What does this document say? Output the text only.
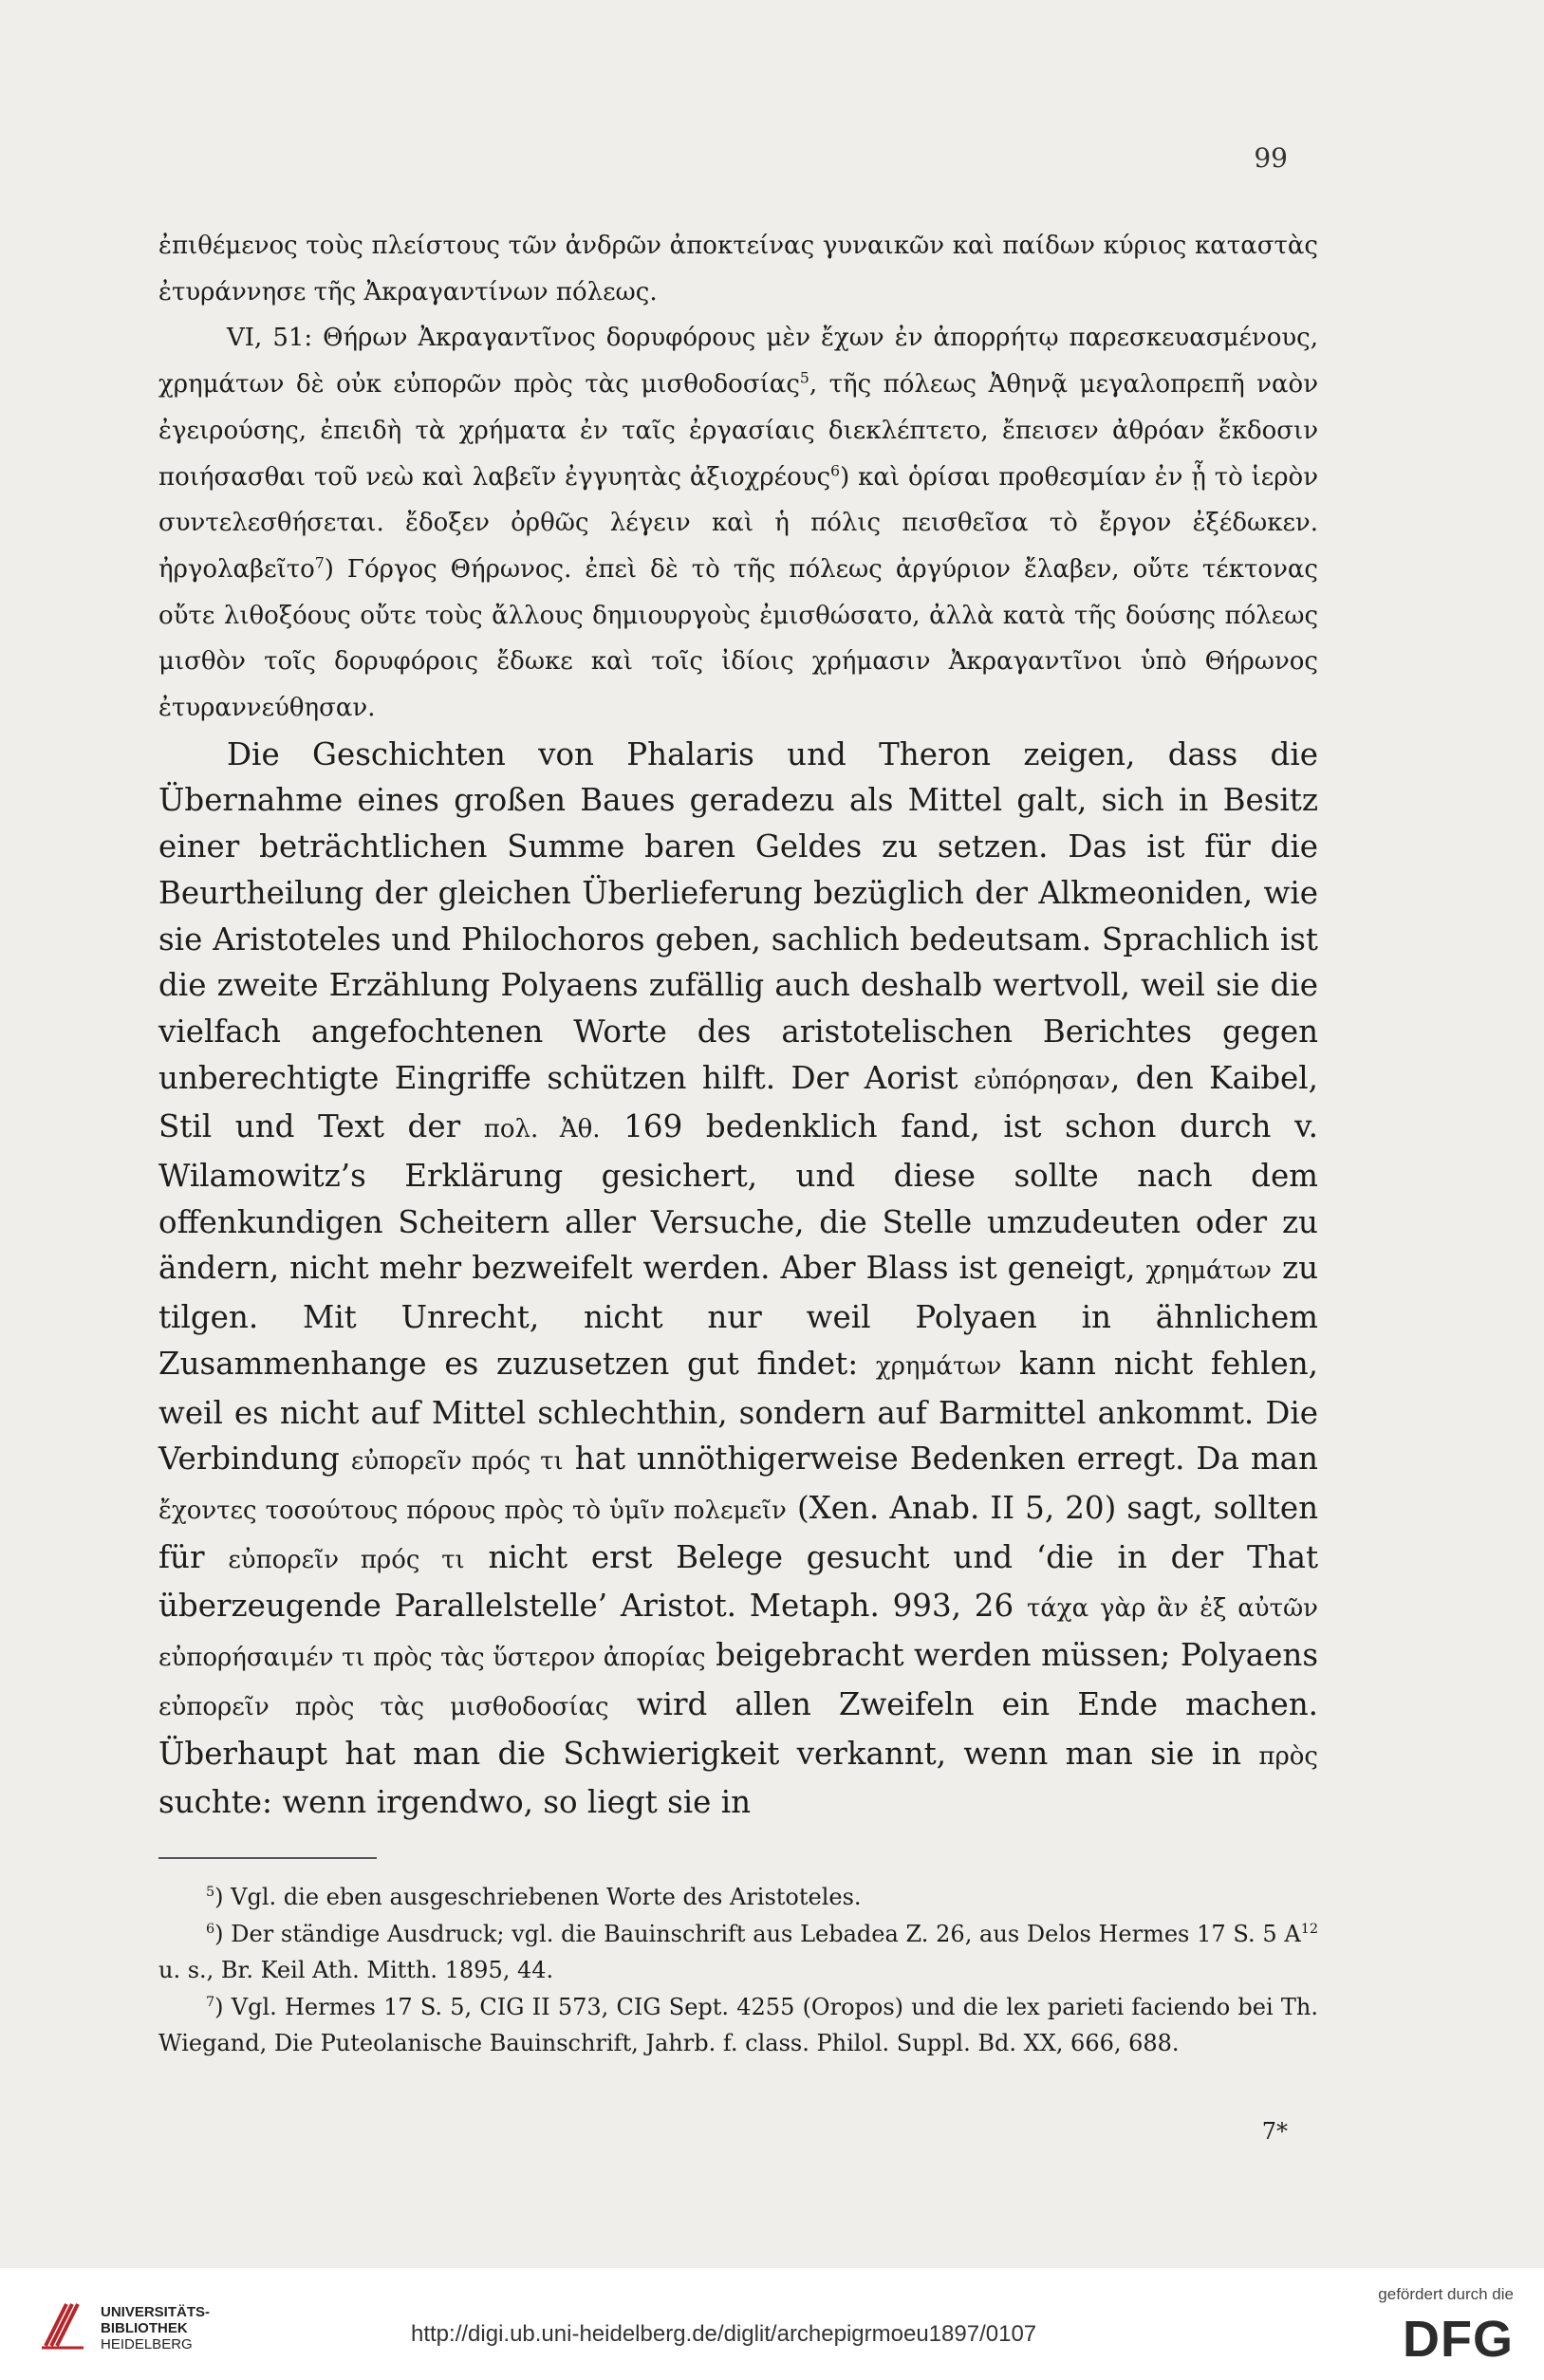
99

ἐπιθέμενος τοὺς πλείστους τῶν ἀνδρῶν ἀποκτείνας γυναικῶν καὶ παίδων κύριος καταστὰς ἐτυράννησε τῆς Ἀκραγαντίνων πόλεως.

VI, 51: Θήρων Ἀκραγαντῖνος δορυφόρους μὲν ἔχων ἐν ἀπορρήτῳ παρεσκευασμένους, χρημάτων δὲ οὐκ εὐπορῶν πρὸς τὰς μισθοδοσίας$^5$, τῆς πόλεως Ἀθηνᾷ μεγαλοπρεπῆ ναὸν ἐγειρούσης, ἐπειδὴ τὰ χρήματα ἐν ταῖς ἐργασίαις διεκλέπτετο, ἔπεισεν ἀθρόαν ἔκδοσιν ποιήσασθαι τοῦ νεὼ καὶ λαβεῖν ἐγγυητὰς ἀξιοχρέους$^6$) καὶ ὁρίσαι προθεσμίαν ἐν ᾗ τὸ ἱερὸν συντελεσθήσεται. ἔδοξεν ὀρθῶς λέγειν καὶ ἡ πόλις πεισθεῖσα τὸ ἔργον ἐξέδωκεν. ἠργολαβεῖτο$^7$) Γόργος Θήρωνος. ἐπεὶ δὲ τὸ τῆς πόλεως ἀργύριον ἔλαβεν, οὔτε τέκτονας οὔτε λιθοξόους οὔτε τοὺς ἄλλους δημιουργοὺς ἐμισθώσατο, ἀλλὰ κατὰ τῆς δούσης πόλεως μισθὸν τοῖς δορυφόροις ἔδωκε καὶ τοῖς ἰδίοις χρήμασιν Ἀκραγαντῖνοι ὑπὸ Θήρωνος ἐτυραννεύθησαν.

Die Geschichten von Phalaris und Theron zeigen, dass die Übernahme eines großen Baues geradezu als Mittel galt, sich in Besitz einer beträchtlichen Summe baren Geldes zu setzen. Das ist für die Beurtheilung der gleichen Überlieferung bezüglich der Alkmeoniden, wie sie Aristoteles und Philochoros geben, sachlich bedeutsam. Sprachlich ist die zweite Erzählung Polyaens zufällig auch deshalb wertvoll, weil sie die vielfach angefochtenen Worte des aristotelischen Berichtes gegen unberechtigte Eingriffe schützen hilft. Der Aorist εὐπόρησαν, den Kaibel, Stil und Text der πολ. Ἀθ. 169 bedenklich fand, ist schon durch v. Wilamowitz’s Erklärung gesichert, und diese sollte nach dem offenkundigen Scheitern aller Versuche, die Stelle umzudeuten oder zu ändern, nicht mehr bezweifelt werden. Aber Blass ist geneigt, χρημάτων zu tilgen. Mit Unrecht, nicht nur weil Polyaen in ähnlichem Zusammenhange es zuzusetzen gut findet: χρημάτων kann nicht fehlen, weil es nicht auf Mittel schlechthin, sondern auf Barmittel ankommt. Die Verbindung εὐπορεῖν πρός τι hat unnöthigerweise Bedenken erregt. Da man ἔχοντες τοσούτους πόρους πρὸς τὸ ὑμῖν πολεμεῖν (Xen. Anab. II 5, 20) sagt, sollten für εὐπορεῖν πρός τι nicht erst Belege gesucht und ‘die in der That überzeugende Parallelstelle’ Aristot. Metaph. 993, 26 τάχα γὰρ ἂν ἐξ αὐτῶν εὐπορήσαιμέν τι πρὸς τὰς ὕστερον ἀπορίας beigebracht werden müssen; Polyaens εὐπορεῖν πρὸς τὰς μισθοδοσίας wird allen Zweifeln ein Ende machen. Überhaupt hat man die Schwierigkeit verkannt, wenn man sie in πρὸς suchte: wenn irgendwo, so liegt sie in

$^5$) Vgl. die eben ausgeschriebenen Worte des Aristoteles.

$^6$) Der ständige Ausdruck; vgl. die Bauinschrift aus Lebadea Z. 26, aus Delos Hermes 17 S. 5 $A^{12}$ u. s., Br. Keil Ath. Mitth. 1895, 44.

$^7$) Vgl. Hermes 17 S. 5, CIG II 573, CIG Sept. 4255 (Oropos) und die lex parieti faciendo bei Th. Wiegand, Die Puteolanische Bauinschrift, Jahrb. f. class. Philol. Suppl. Bd. XX, 666, 688.

7*
UNIVERSITÄTS-
BIBLIOTHEK
HEIDELBERG	http://digi.ub.uni-heidelberg.de/diglit/archepigrmoeu1897/0107
gefördert durch die
DFG
